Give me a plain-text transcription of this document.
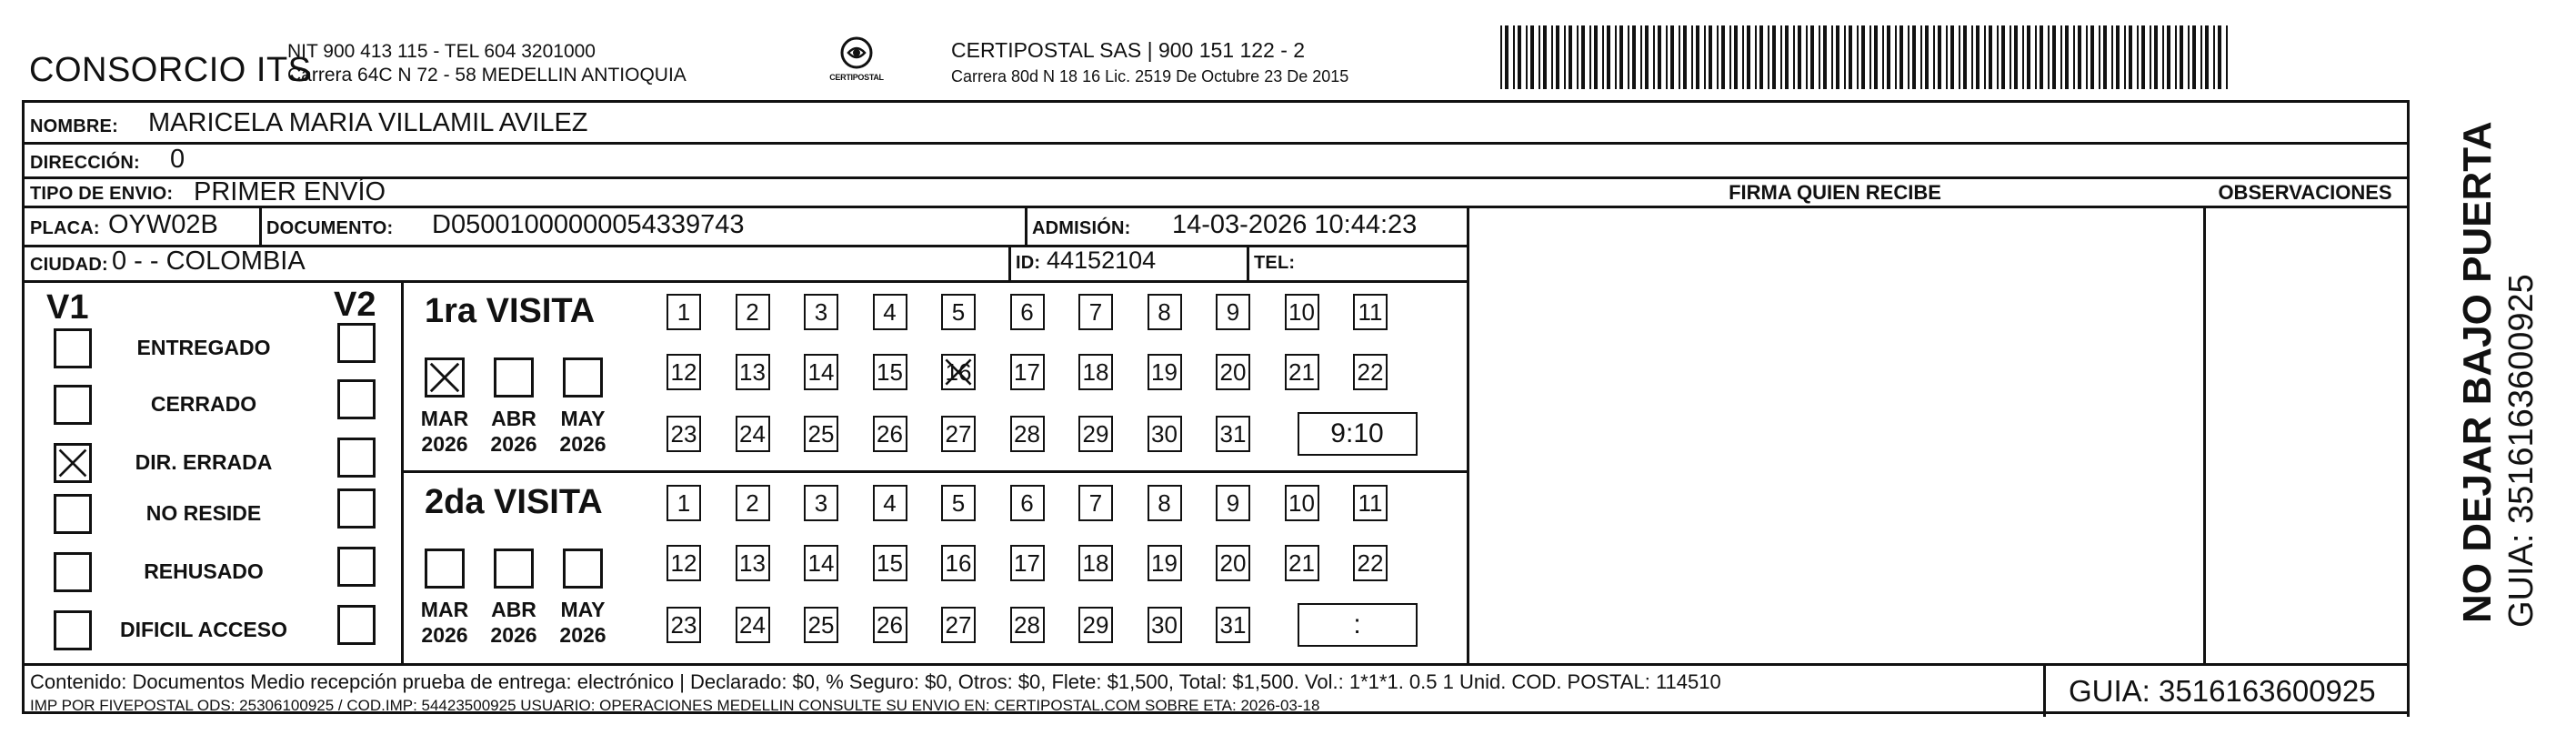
CONSORCIO ITS
NIT 900 413 115 - TEL 604 3201000
Carrera 64C N 72 - 58 MEDELLIN ANTIOQUIA	CERTIPOSTAL
CERTIPOSTAL SAS | 900 151 122 - 2
Carrera 80d N 18 16 Lic. 2519 De Octubre 23 De 2015
NOMBRE: MARICELA MARIA VILLAMIL AVILEZ
DIRECCIÓN: 0
TIPO DE ENVIO: PRIMER ENVÍO
PLACA: OYW02B	DOCUMENTO: D05001000000054339743	ADMISIÓN: 14-03-2026 10:44:23
CIUDAD: 0 - - COLOMBIA	ID: 44152104	TEL:
FIRMA QUIEN RECIBE	OBSERVACIONES
V1	V2 1ra VISITA
2da VISITA
Contenido: Documentos Medio recepción prueba de entrega: electrónico | Declarado: $0, % Seguro: $0, Otros: $0, Flete: $1,500, Total: $1,500. Vol.: 1*1*1. 0.5 1 Unid. COD. POSTAL: 114510
IMP POR FIVEPOSTAL ODS: 25306100925 / COD.IMP: 54423500925 USUARIO: OPERACIONES MEDELLIN CONSULTE SU ENVIO EN: CERTIPOSTAL.COM SOBRE ETA: 2026-03-18	GUIA: 3516163600925
ENTREGADO
CERRADO
DIR. ERRADA
NO RESIDE
REHUSADO
DIFICIL ACCESO
MAR
2026
ABR
2026
MAY
2026
1	2	3	4	5	6	7	8	9	10 11
12 13 14 15 16 17 18 19 20 21 22
23 24 25 26 27 28 29 30 31	9:10
MAR
2026
ABR
2026
MAY
2026
1	2	3	4	5	6	7	8	9	10 11
12 13 14 15 16 17 18 19 20 21 22
23 24 25 26 27 28 29 30 31	:
NO DEJAR BAJO PUERTA GUIA: 3516163600925
